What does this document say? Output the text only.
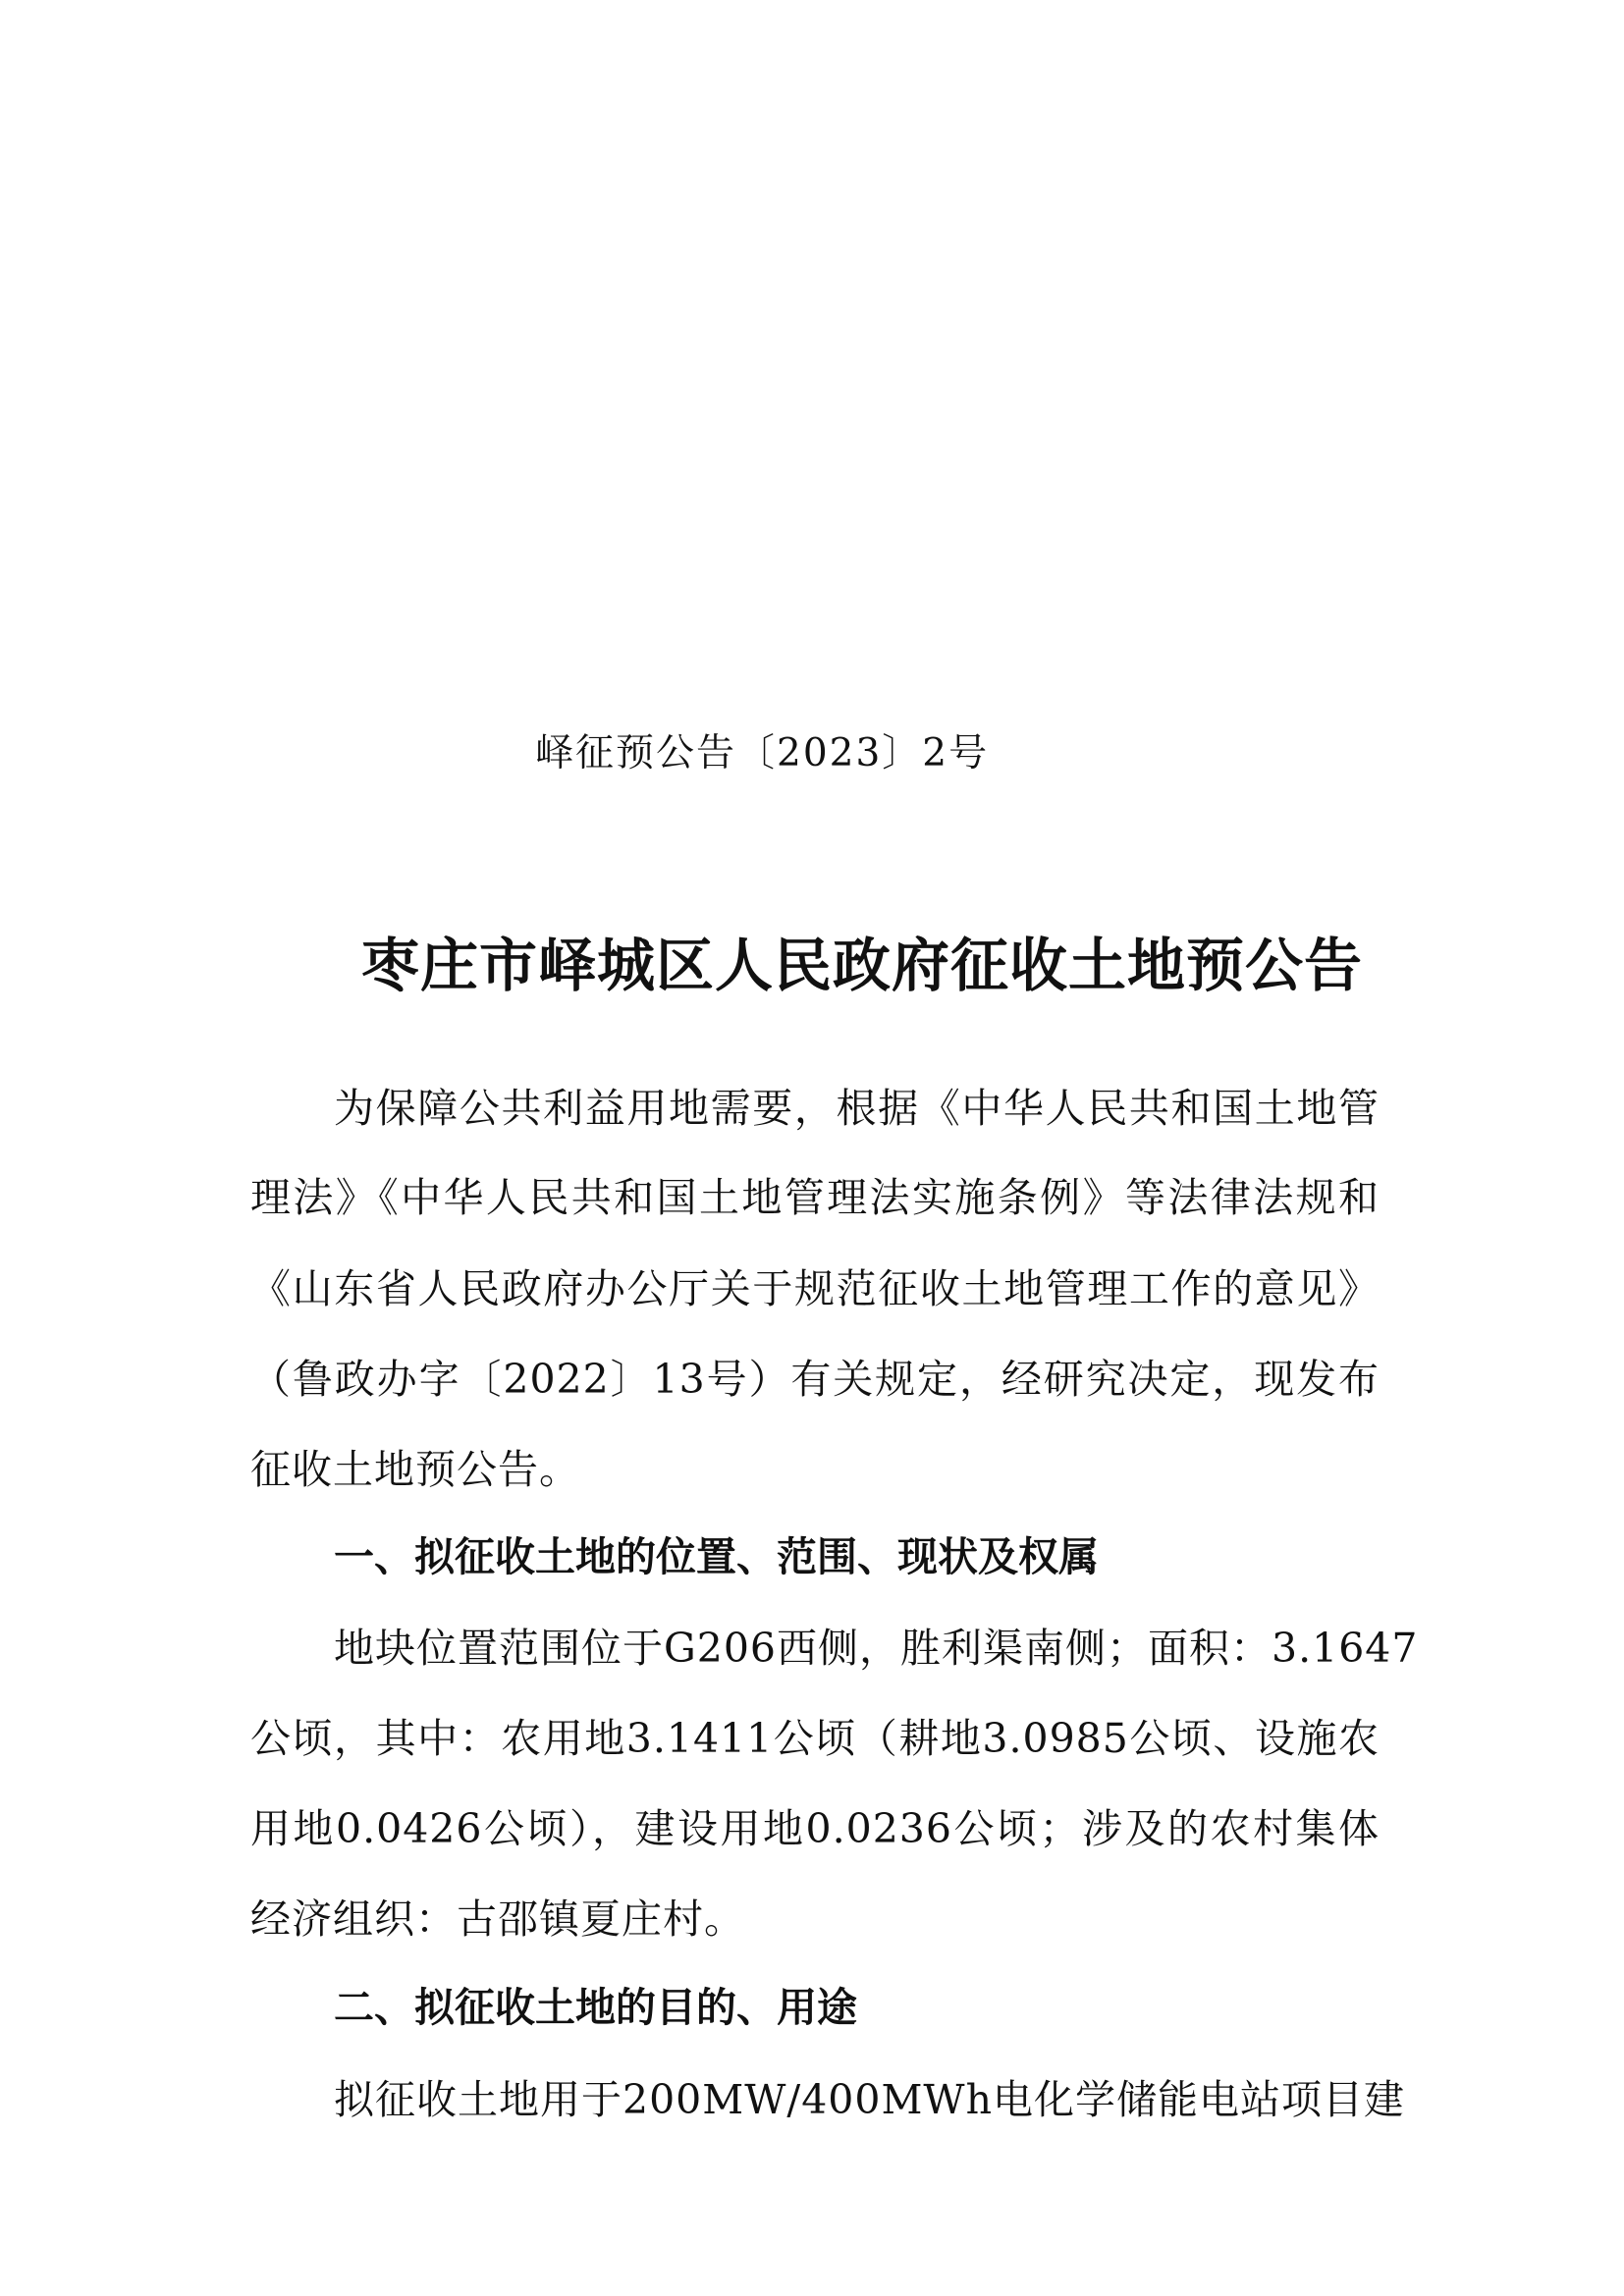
峄征预公告〔2023〕2号
枣庄市峄城区人民政府征收土地预公告
为保障公共利益用地需要，根据《中华人民共和国土地管
理法》《中华人民共和国土地管理法实施条例》等法律法规和
《山东省人民政府办公厅关于规范征收土地管理工作的意见》
（鲁政办字〔2022〕13号）有关规定，经研究决定，现发布
征收土地预公告。
一、拟征收土地的位置、范围、现状及权属
地块位置范围位于G206西侧，胜利渠南侧；面积：3.1647
公顷，其中：农用地3.1411公顷（耕地3.0985公顷、设施农
用地0.0426公顷），建设用地0.0236公顷；涉及的农村集体
经济组织：古邵镇夏庄村。
二、拟征收土地的目的、用途
拟征收土地用于200MW/400MWh电化学储能电站项目建
